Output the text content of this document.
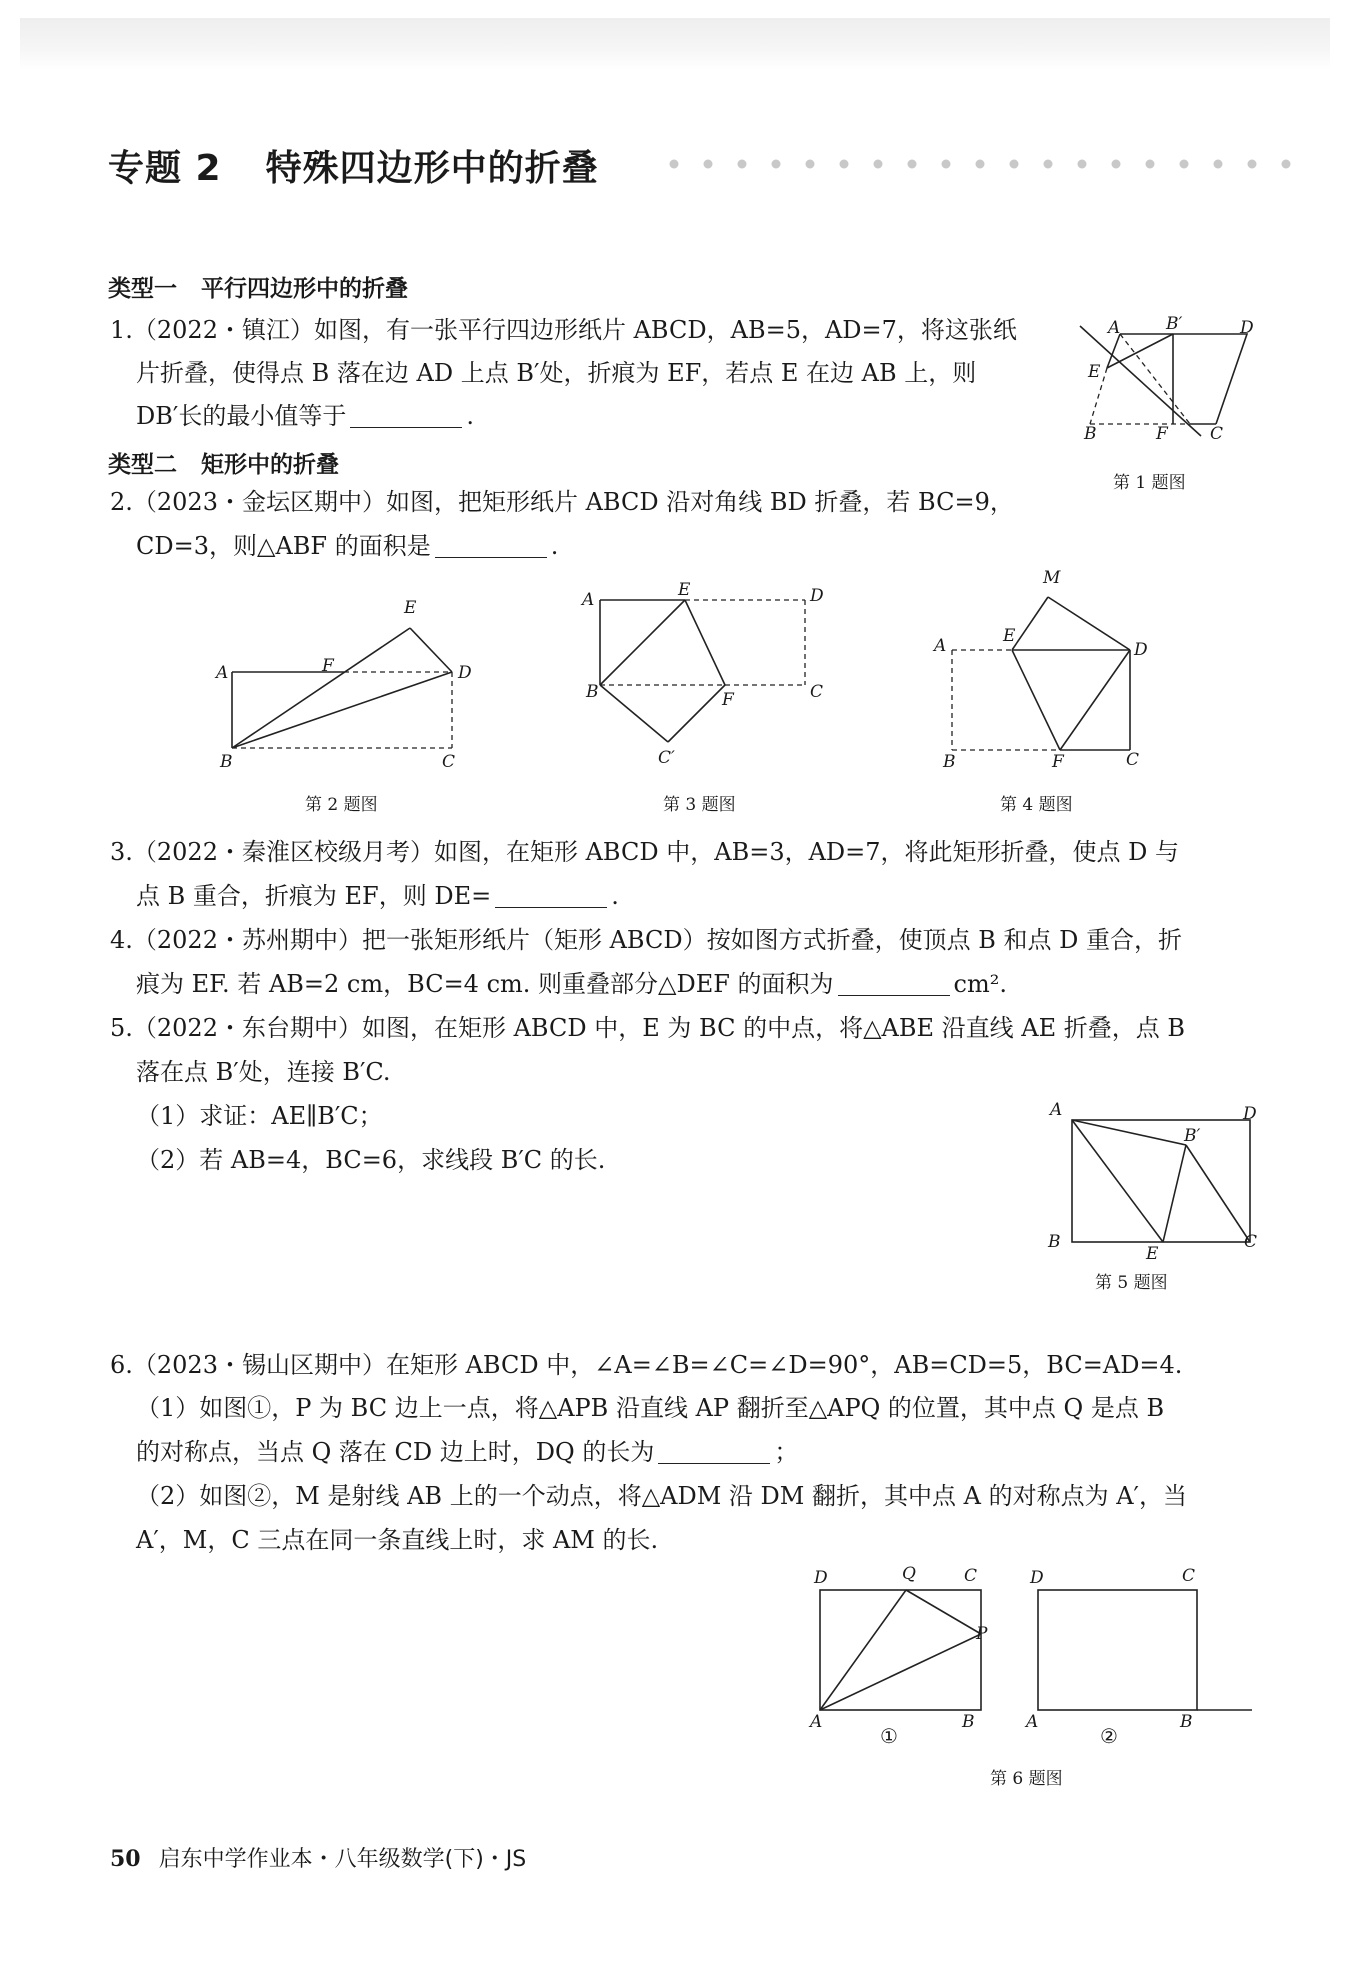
专题 2 特殊四边形中的折叠
类型一 平行四边形中的折叠
1.（2022・镇江）如图，有一张平行四边形纸片 ABCD，AB=5，AD=7，将这张纸
片折叠，使得点 B 落在边 AD 上点 B′处，折痕为 EF，若点 E 在边 AB 上，则
DB′长的最小值等于	.
A	B′	D
E
B	F C
第 1 题图
类型二 矩形中的折叠
2.（2023・金坛区期中）如图，把矩形纸片 ABCD 沿对角线 BD 折叠，若 BC=9，
CD=3，则△ABF 的面积是	.
E
A	F	D
B	C
第 2 题图
A	E	D
B	F	C
C′
第 3 题图
M
A	E
D
B	F	C
第 4 题图
3.（2022・秦淮区校级月考）如图，在矩形 ABCD 中，AB=3，AD=7，将此矩形折叠，使点 D 与
点 B 重合，折痕为 EF，则 DE=	.
4.（2022・苏州期中）把一张矩形纸片（矩形 ABCD）按如图方式折叠，使顶点 B 和点 D 重合，折
痕为 EF. 若 AB=2 cm，BC=4 cm. 则重叠部分△DEF 的面积为	cm².
5.（2022・东台期中）如图，在矩形 ABCD 中，E 为 BC 的中点，将△ABE 沿直线 AE 折叠，点 B
落在点 B′处，连接 B′C.
（1）求证：AE∥B′C；
（2）若 AB=4，BC=6，求线段 B′C 的长.
A	D
B′
B
E
C
第 5 题图
6.（2023・锡山区期中）在矩形 ABCD 中，∠A=∠B=∠C=∠D=90°，AB=CD=5，BC=AD=4.
（1）如图①，P 为 BC 边上一点，将△APB 沿直线 AP 翻折至△APQ 的位置，其中点 Q 是点 B
的对称点，当点 Q 落在 CD 边上时，DQ 的长为	；
（2）如图②，M 是射线 AB 上的一个动点，将△ADM 沿 DM 翻折，其中点 A 的对称点为 A′，当
A′，M，C 三点在同一条直线上时，求 AM 的长.
D	Q	C
P
A	B
①
D	C
A	B
②
第 6 题图
50 启东中学作业本・八年级数学(下)・JS
